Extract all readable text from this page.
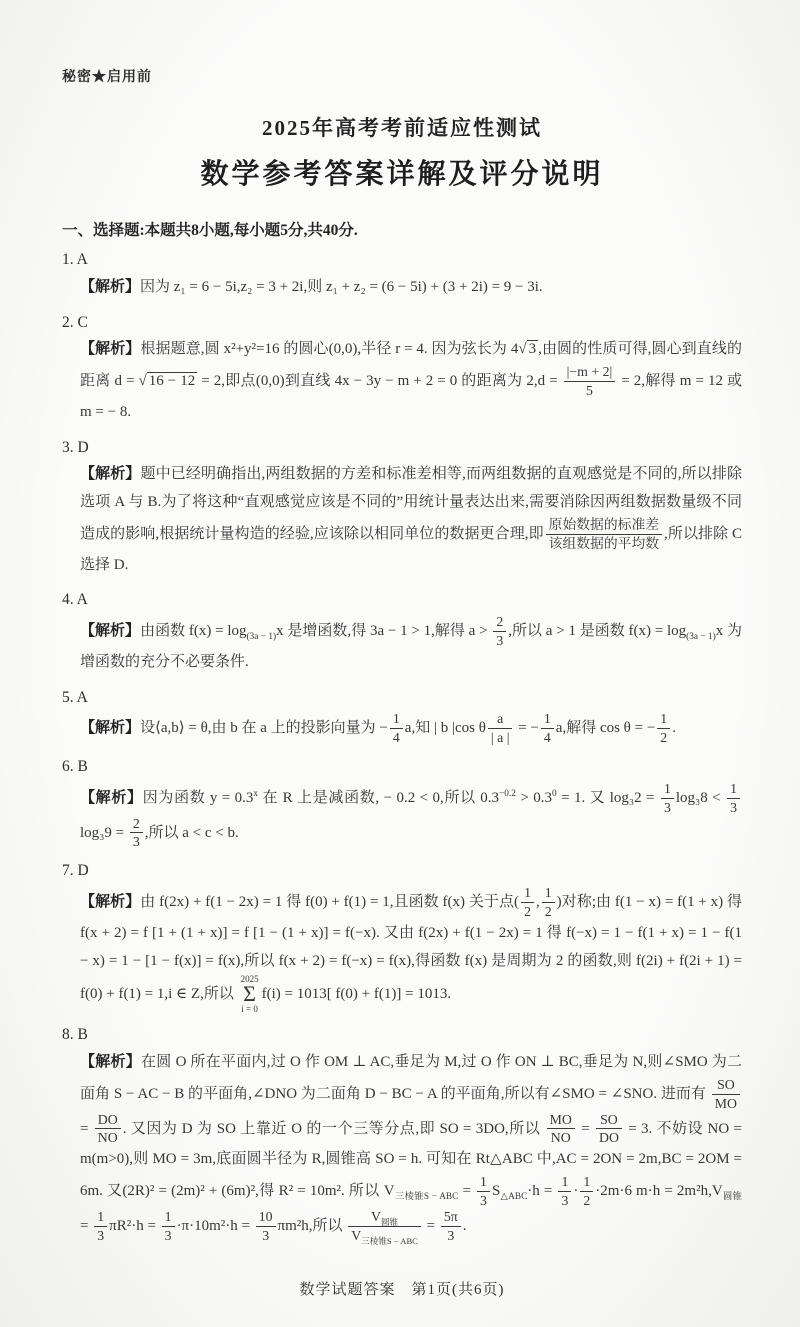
秘密★启用前
2025年高考考前适应性测试
数学参考答案详解及评分说明
一、选择题:本题共8小题,每小题5分,共40分.
1. A
【解析】因为 z₁ = 6 − 5i,z₂ = 3 + 2i,则 z₁ + z₂ = (6 − 5i) + (3 + 2i) = 9 − 3i.
2. C
【解析】根据题意,圆 x²+y²=16 的圆心(0,0),半径 r = 4. 因为弦长为 4√ 3 ,由圆的性质可得,圆心到直线的距离 d = √ 16 − 12 = 2,即点(0,0)到直线 4x − 3y − m + 2 = 0 的距离为 $2,d = \frac{|-m + 2|}{5} = 2$,解得 m = 12 或 m = − 8.
3. D
【解析】题中已经明确指出,两组数据的方差和标准差相等,而两组数据的直观感觉是不同的,所以排除选项 A 与 B.为了将这种“直观感觉应该是不同的”用统计量表达出来,需要消除因两组数据数量级不同造成的影响,根据统计量构造的经验,应该除以相同单位的数据更合理,即 $\frac{\text{原始数据的标准差}}{\text{该组数据的平均数}}$ ,所以排除 C 选择 D.
4. A
【解析】由函数 $f(x) = \log_{(3a - 1)}x$ 是增函数,得 3a − 1 > 1,解得 $a > \frac{2}{3}$ ,所以 a > 1 是函数 $f(x) = \log_{(3a - 1)}x$ 为增函数的充分不必要条件.
5. A
【解析】设⟨a,b⟩ = θ,由 b 在 a 上的投影向量为 − $\frac{1}{4} a$,知 | b |cos θ $\frac{a}{| a |}$ = − $\frac{1}{4} a$,解得 cos θ = − $\frac{1}{2}$ .
6. B
【解析】因为函数 $y = 0.3^x$ 在 R 上是减函数, − 0.2 < 0,所以 $0.3^{-0.2} > 0.3^0 = 1$. 又 $\log_32 = \frac{1}{3} \log_38 < \frac{1}{3}$
$\log_39 = \frac{2}{3}$ ,所以 a < c < b.
7. D
【解析】由 f(2x) + f(1 − 2x) = 1 得 f(0) + f(1) = 1,且函数 f(x) 关于点( $\frac{1}{2}$ , $\frac{1}{2}$ )对称;由 f(1 − x) = f(1 + x) 得 f(x + 2) = f [1 + (1 + x)] = f [1 − (1 + x)] = f(−x). 又由 f(2x) + f(1 − 2x) = 1 得 f(−x) = 1 − f(1 + x) = 1 − f(1 − x) = 1 − [1 − f(x)] = f(x),所以 f(x + 2) = f(−x) = f(x),得函数 f(x) 是周期为 2 的函数,则 f(2i) + f(2i + 1) = f(0) + f(1) = 1,i ∈ Z,所以
2025
Σ
i = 0
f(i) = 1013[ f(0) + f(1)] = 1013.
8. B
【解析】在圆 O 所在平面内,过 O 作 OM ⊥ AC,垂足为 M,过 O 作 ON ⊥ BC,垂足为 N,则∠SMO 为二面角 S − AC − B 的平面角,∠DNO 为二面角 D − BC − A 的平面角,所以有∠SMO = ∠SNO. 进而有 $\frac{SO}{MO}$
= $\frac{DO}{NO}$ . 又因为 D 为 SO 上靠近 O 的一个三等分点,即 SO = 3DO,所以 $\frac{MO}{NO} = \frac{SO}{DO} = 3$. 不妨设 NO = m(m>0),则 MO = 3m,底面圆半径为 R,圆锥高 SO = h. 可知在 Rt△ABC 中,AC = 2ON = 2m,BC = 2OM = 6m. 又(2R)² = (2m)² + (6m)²,得 R² = 10m². 所以 $V_{三棱锥S - ABC} = \frac{1}{3} S_{\triangle ABC}\cdot h = \frac{1}{3} \cdot \frac{1}{2} \cdot 2m\cdot 6$ $m\cdot h = 2m^2h,V_{圆锥} = \frac{1}{3} \pi R^2\cdot h = \frac{1}{3} \cdot\pi\cdot 10m^2\cdot h = \frac{10}{3} \pi m^2h$,所以 $\frac{V_{圆锥}}{V_{三棱锥S - ABC}} = \frac{5\pi}{3}$ .
数学试题答案　第1页(共6页)
